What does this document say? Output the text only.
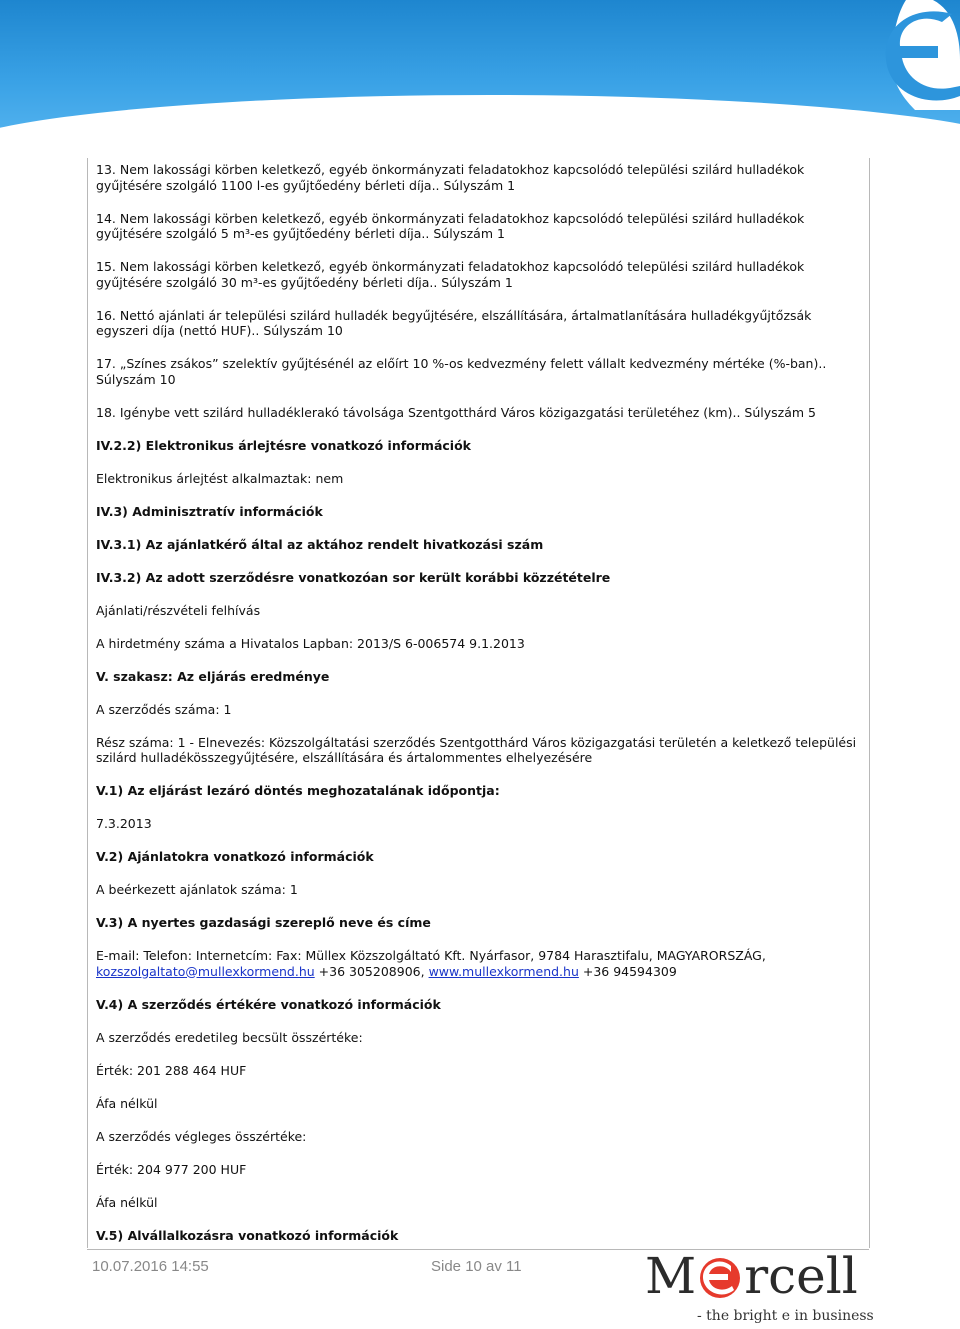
13. Nem lakossági körben keletkező, egyéb önkormányzati feladatokhoz kapcsolódó települési szilárd hulladékok gyűjtésére szolgáló 1100 l-es gyűjtőedény bérleti díja.. Súlyszám 1

14. Nem lakossági körben keletkező, egyéb önkormányzati feladatokhoz kapcsolódó települési szilárd hulladékok gyűjtésére szolgáló 5 m³-es gyűjtőedény bérleti díja.. Súlyszám 1

15. Nem lakossági körben keletkező, egyéb önkormányzati feladatokhoz kapcsolódó települési szilárd hulladékok gyűjtésére szolgáló 30 m³-es gyűjtőedény bérleti díja.. Súlyszám 1

16. Nettó ajánlati ár települési szilárd hulladék begyűjtésére, elszállítására, ártalmatlanítására hulladékgyűjtőzsák egyszeri díja (nettó HUF).. Súlyszám 10

17. „Színes zsákos” szelektív gyűjtésénél az előírt 10 %-os kedvezmény felett vállalt kedvezmény mértéke (%-ban).. Súlyszám 10

18. Igénybe vett szilárd hulladéklerakó távolsága Szentgotthárd Város közigazgatási területéhez (km).. Súlyszám 5

IV.2.2) Elektronikus árlejtésre vonatkozó információk

Elektronikus árlejtést alkalmaztak: nem

IV.3) Adminisztratív információk

IV.3.1) Az ajánlatkérő által az aktához rendelt hivatkozási szám

IV.3.2) Az adott szerződésre vonatkozóan sor került korábbi közzétételre

Ajánlati/részvételi felhívás

A hirdetmény száma a Hivatalos Lapban: 2013/S 6-006574 9.1.2013

V. szakasz: Az eljárás eredménye

A szerződés száma: 1

Rész száma: 1 - Elnevezés: Közszolgáltatási szerződés Szentgotthárd Város közigazgatási területén a keletkező települési szilárd hulladékösszegyűjtésére, elszállítására és ártalommentes elhelyezésére

V.1) Az eljárást lezáró döntés meghozatalának időpontja:

7.3.2013

V.2) Ajánlatokra vonatkozó információk

A beérkezett ajánlatok száma: 1

V.3) A nyertes gazdasági szereplő neve és címe

E-mail: Telefon: Internetcím: Fax: Müllex Közszolgáltató Kft. Nyárfasor, 9784 Harasztifalu, MAGYARORSZÁG,
kozszolgaltato@mullexkormend.hu +36 305208906, www.mullexkormend.hu +36 94594309

V.4) A szerződés értékére vonatkozó információk

A szerződés eredetileg becsült összértéke:

Érték: 201 288 464 HUF

Áfa nélkül

A szerződés végleges összértéke:

Érték: 204 977 200 HUF

Áfa nélkül

V.5) Alvállalkozásra vonatkozó információk

10.07.2016 14:55	Side 10 av 11 M rcell
- the bright e in business
